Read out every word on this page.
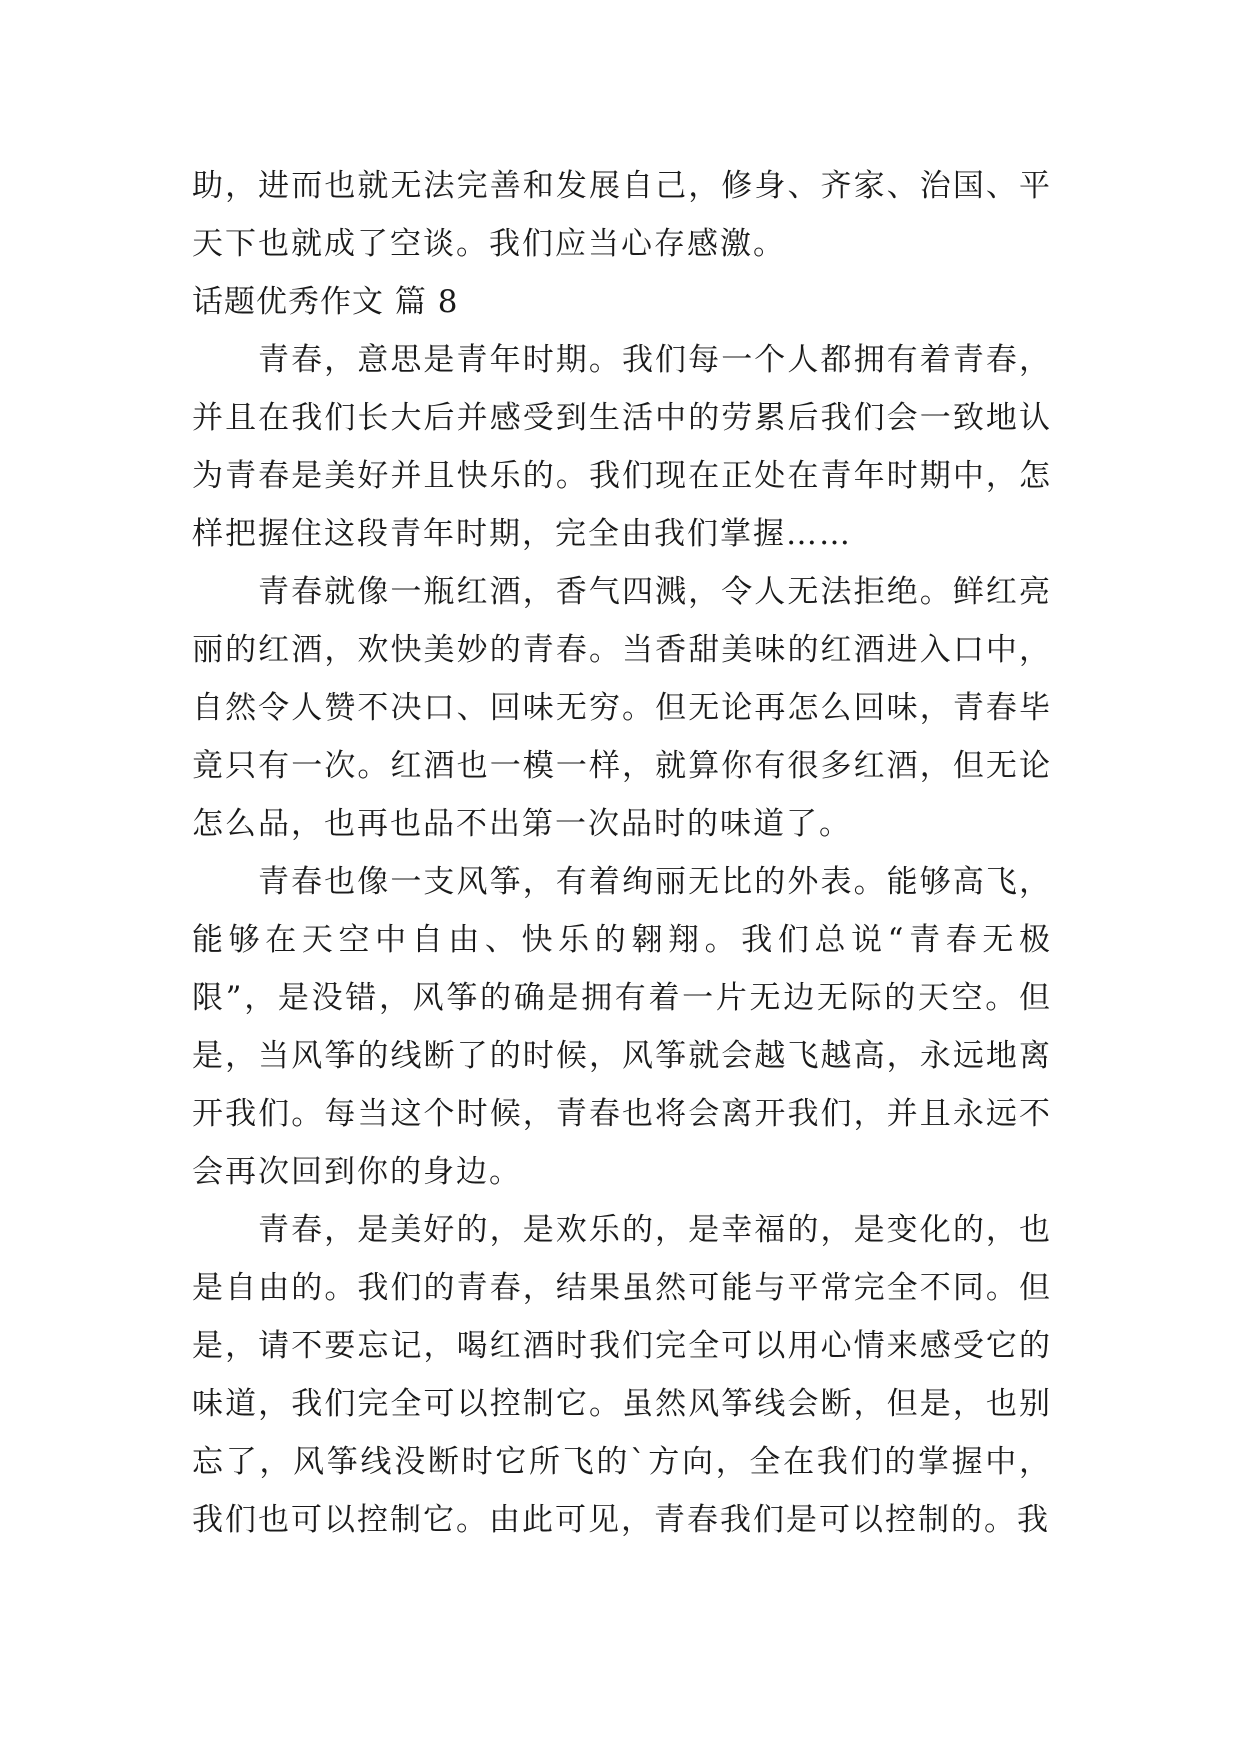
助，进而也就无法完善和发展自己，修身、齐家、治国、平天下也就成了空谈。我们应当心存感激。

话题优秀作文 篇 8

青春，意思是青年时期。我们每一个人都拥有着青春，并且在我们长大后并感受到生活中的劳累后我们会一致地认为青春是美好并且快乐的。我们现在正处在青年时期中，怎样把握住这段青年时期，完全由我们掌握……

青春就像一瓶红酒，香气四溅，令人无法拒绝。鲜红亮丽的红酒，欢快美妙的青春。当香甜美味的红酒进入口中，自然令人赞不决口、回味无穷。但无论再怎么回味，青春毕竟只有一次。红酒也一模一样，就算你有很多红酒，但无论怎么品，也再也品不出第一次品时的味道了。

青春也像一支风筝，有着绚丽无比的外表。能够高飞，能够在天空中自由、快乐的翱翔。我们总说“青春无极限”，是没错，风筝的确是拥有着一片无边无际的天空。但是，当风筝的线断了的时候，风筝就会越飞越高，永远地离开我们。每当这个时候，青春也将会离开我们，并且永远不会再次回到你的身边。

青春，是美好的，是欢乐的，是幸福的，是变化的，也是自由的。我们的青春，结果虽然可能与平常完全不同。但是，请不要忘记，喝红酒时我们完全可以用心情来感受它的味道，我们完全可以控制它。虽然风筝线会断，但是，也别忘了，风筝线没断时它所飞的`方向，全在我们的掌握中，我们也可以控制它。由此可见，青春我们是可以控制的。我
